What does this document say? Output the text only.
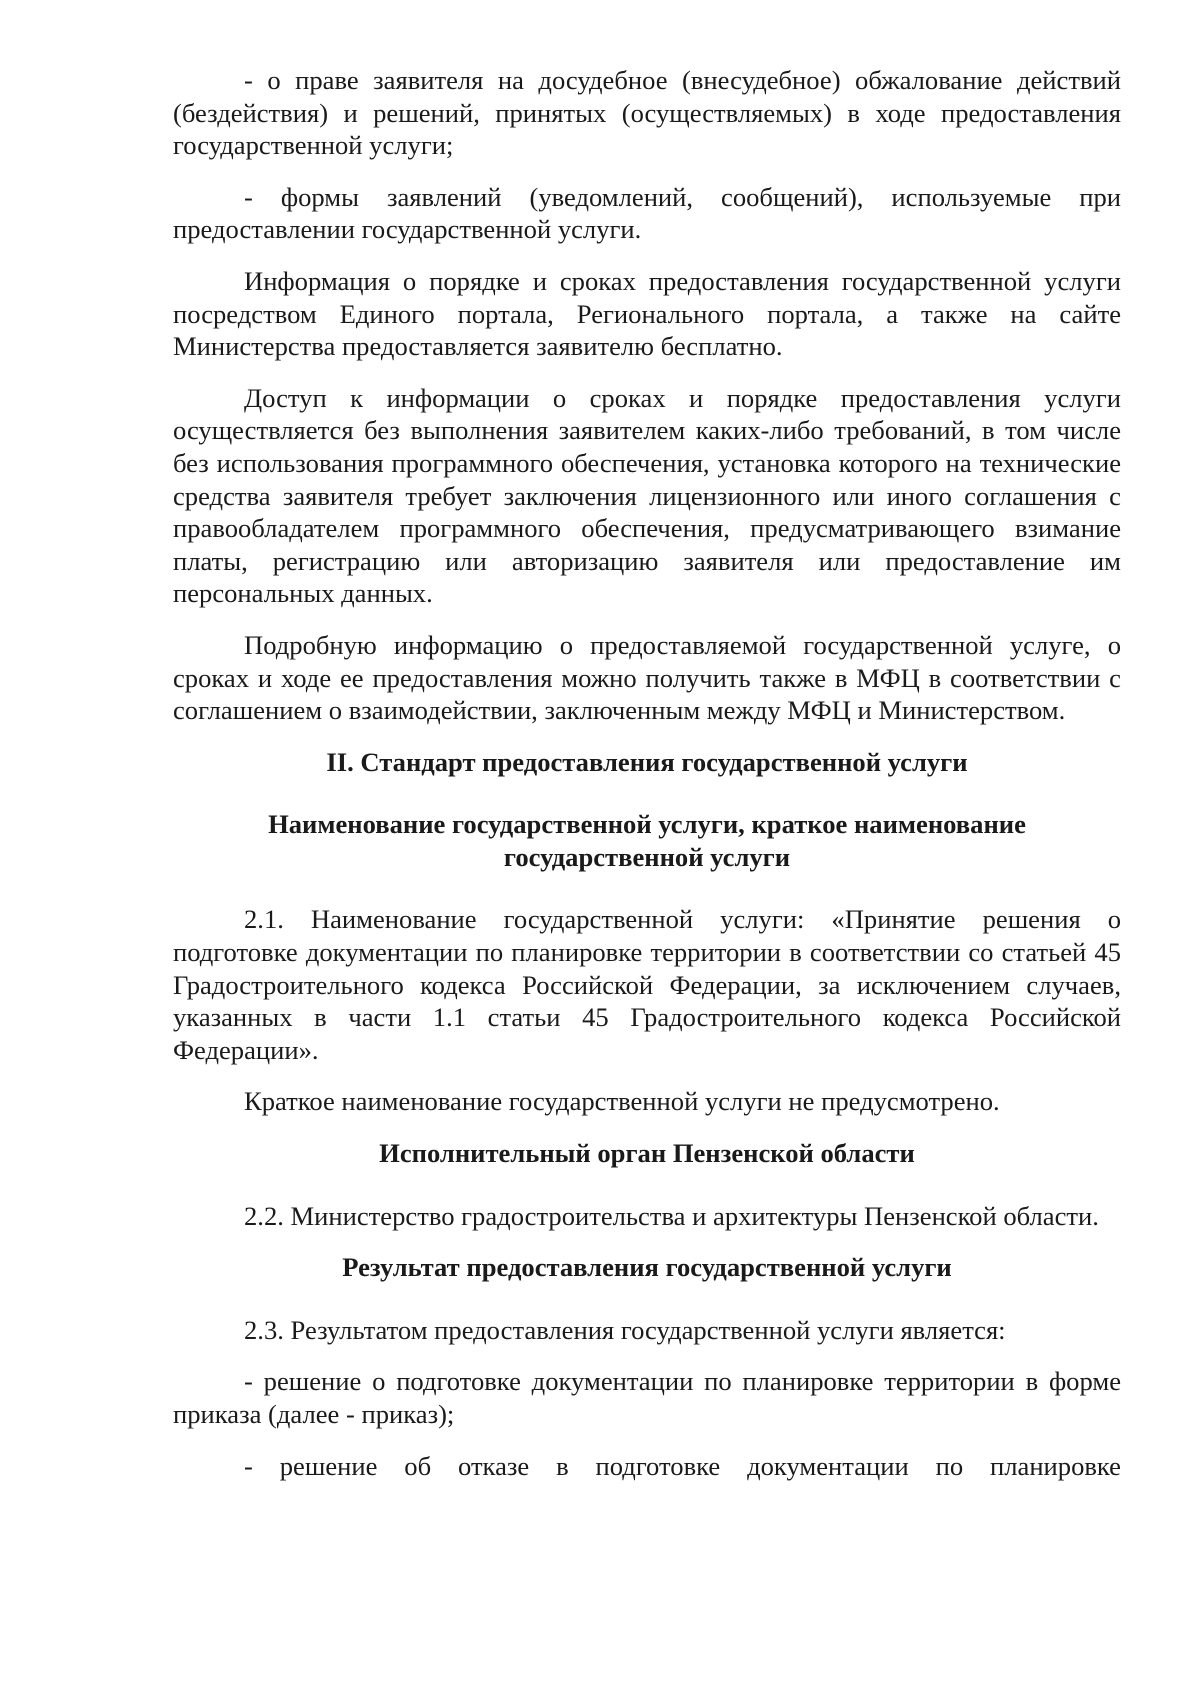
- о праве заявителя на досудебное (внесудебное) обжалование действий (бездействия) и решений, принятых (осуществляемых) в ходе предоставления государственной услуги;

- формы заявлений (уведомлений, сообщений), используемые при предоставлении государственной услуги.

Информация о порядке и сроках предоставления государственной услуги посредством Единого портала, Регионального портала, а также на сайте Министерства предоставляется заявителю бесплатно.

Доступ к информации о сроках и порядке предоставления услуги осуществляется без выполнения заявителем каких-либо требований, в том числе без использования программного обеспечения, установка которого на технические средства заявителя требует заключения лицензионного или иного соглашения с правообладателем программного обеспечения, предусматривающего взимание платы, регистрацию или авторизацию заявителя или предоставление им персональных данных.

Подробную информацию о предоставляемой государственной услуге, о сроках и ходе ее предоставления можно получить также в МФЦ в соответствии с соглашением о взаимодействии, заключенным между МФЦ и Министерством.

II. Стандарт предоставления государственной услуги
Наименование государственной услуги, краткое наименование
государственной услуги

2.1. Наименование государственной услуги: «Принятие решения о подготовке документации по планировке территории в соответствии со статьей 45 Градостроительного кодекса Российской Федерации, за исключением случаев, указанных в части 1.1 статьи 45 Градостроительного кодекса Российской Федерации».

Краткое наименование государственной услуги не предусмотрено.

Исполнительный орган Пензенской области

2.2. Министерство градостроительства и архитектуры Пензенской области.

Результат предоставления государственной услуги

2.3. Результатом предоставления государственной услуги является:

- решение о подготовке документации по планировке территории в форме приказа (далее - приказ);

- решение об отказе в подготовке документации по планировке
